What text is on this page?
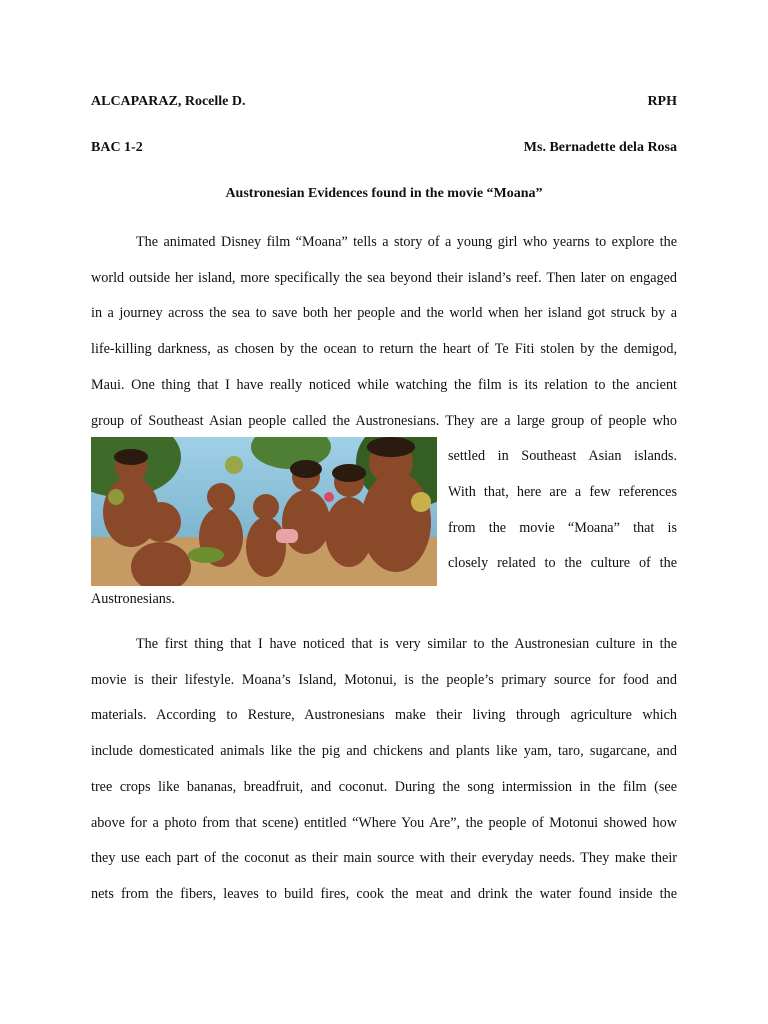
ALCAPARAZ, Rocelle D.	RPH
BAC 1-2	Ms. Bernadette dela Rosa
Austronesian Evidences found in the movie “Moana”
The animated Disney film “Moana” tells a story of a young girl who yearns to explore the
world outside her island, more specifically the sea beyond their island’s reef. Then later on engaged
in a journey across the sea to save both her people and the world when her island got struck by a
life-killing darkness, as chosen by the ocean to return the heart of Te Fiti stolen by the demigod,
Maui. One thing that I have really noticed while watching the film is its relation to the ancient
group of Southeast Asian people called the Austronesians. They are a large group of people who
settled in Southeast Asian islands.
With that, here are a few references
from the movie “Moana” that is
closely related to the culture of the
Austronesians.
The first thing that I have noticed that is very similar to the Austronesian culture in the
movie is their lifestyle. Moana’s Island, Motonui, is the people’s primary source for food and
materials. According to Resture, Austronesians make their living through agriculture which
include domesticated animals like the pig and chickens and plants like yam, taro, sugarcane, and
tree crops like bananas, breadfruit, and coconut. During the song intermission in the film (see
above for a photo from that scene) entitled “Where You Are”, the people of Motonui showed how
they use each part of the coconut as their main source with their everyday needs. They make their
nets from the fibers, leaves to build fires, cook the meat and drink the water found inside the
